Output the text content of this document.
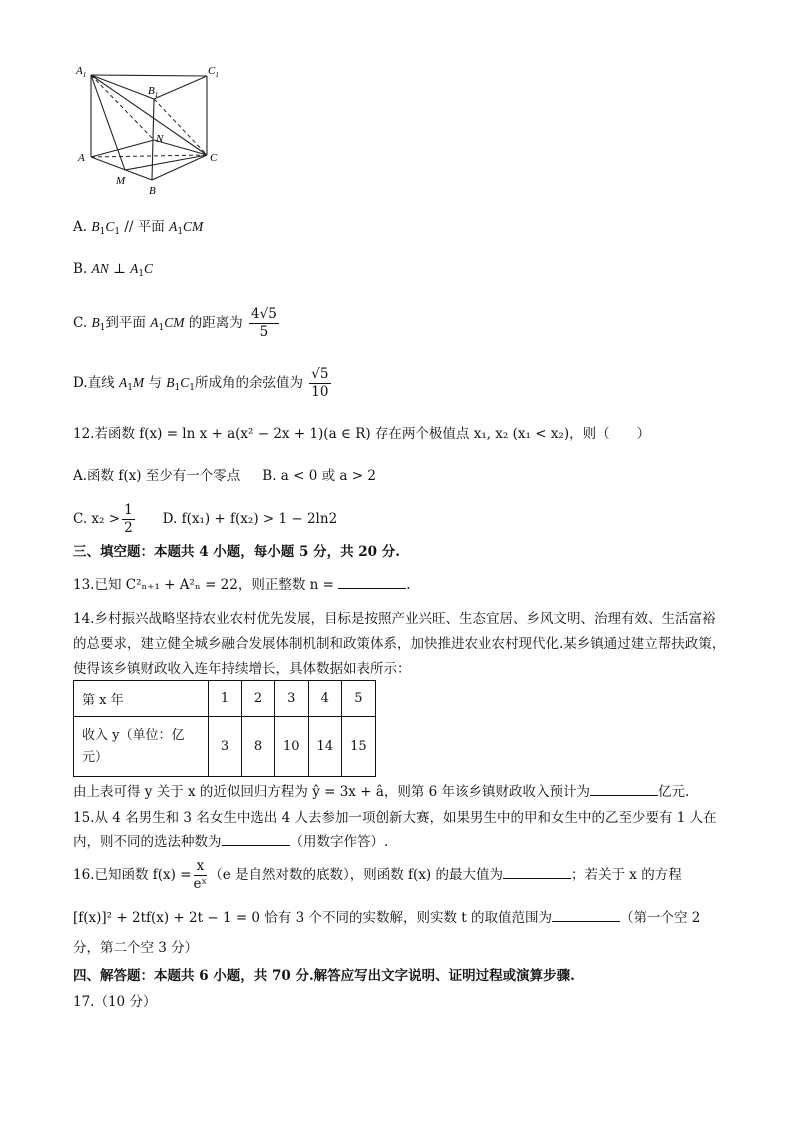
$A_1$
$B_1$
$C_1$
N
A	C
M
B
A. $B_1C_1$ // 平面 $A_1CM$
B. AN ⊥ $A_1C$
C. $B_1$到平面 $A_1CM$ 的距离为 $\frac{4√5}{5}$
D.直线 $A_1M$ 与 $B_1C_1$所成角的余弦值为 $\frac{√5}{10}$
12.若函数 f(x) = ln x + a(x² − 2x + 1)(a ∈ R) 存在两个极值点 x₁, x₂ (x₁ < x₂)，则（　　）
A.函数 f(x) 至少有一个零点 B. a < 0 或 a > 2
C. $x_2 > \frac{1}{2} D$. f(x₁) + f(x₂) > 1 − 2ln2
三、填空题：本题共 4 小题，每小题 5 分，共 20 分.
13.已知 C²ₙ₊₁ + A²ₙ = 22，则正整数 n =	.
14.乡村振兴战略坚持农业农村优先发展，目标是按照产业兴旺、生态宜居、乡风文明、治理有效、生活富裕的总要求，建立健全城乡融合发展体制机制和政策体系，加快推进农业农村现代化.某乡镇通过建立帮扶政策，使得该乡镇财政收入连年持续增长，具体数据如表所示：
第 x 年	1	2	3	4	5
收入 y（单位：亿元）	3	8	10	14	15
由上表可得 y 关于 x 的近似回归方程为 ŷ = 3x + â，则第 6 年该乡镇财政收入预计为	亿元.
15.从 4 名男生和 3 名女生中选出 4 人去参加一项创新大赛，如果男生中的甲和女生中的乙至少要有 1 人在
内，则不同的选法种数为	（用数字作答）.
16.已知函数 $f(x) = \frac{x}{\text{eˣ}} (e$ 是自然对数的底数），则函数 f(x) 的最大值为	；若关于 x 的方程
[f(x)]² + 2tf(x) + 2t − 1 = 0 恰有 3 个不同的实数解，则实数 t 的取值范围为	（第一个空 2
分，第二个空 3 分）
四、解答题：本题共 6 小题，共 70 分.解答应写出文字说明、证明过程或演算步骤.
17.（10 分）
